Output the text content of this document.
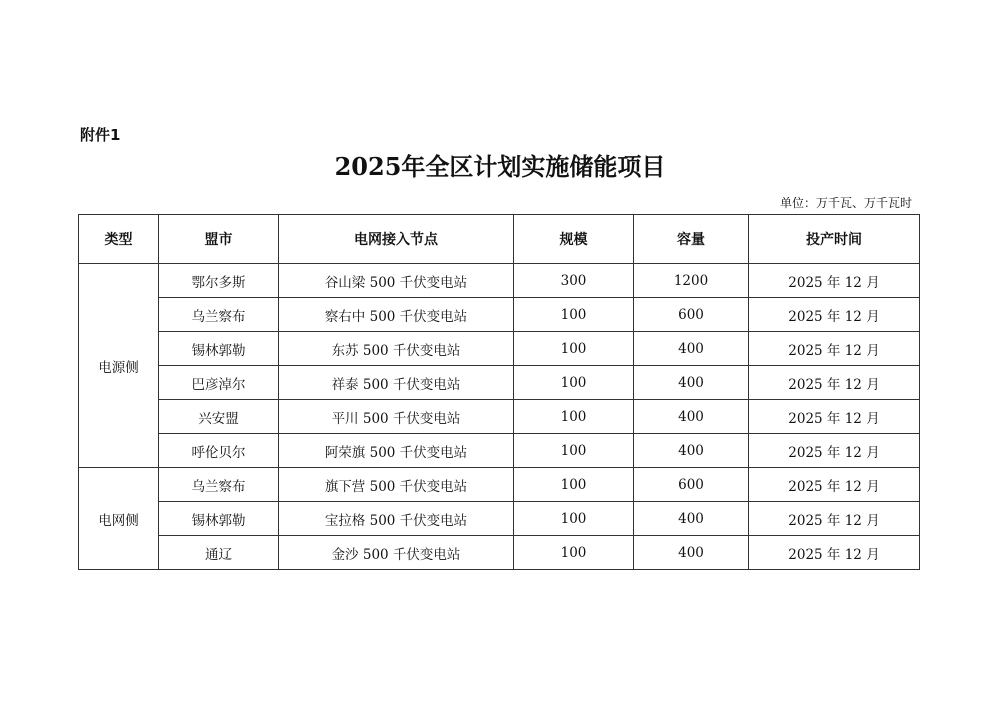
附件1
2025年全区计划实施储能项目
单位：万千瓦、万千瓦时
类型	盟市	电网接入节点	规模	容量	投产时间
电源侧	鄂尔多斯	谷山梁 500 千伏变电站	300	1200	2025 年 12 月
	乌兰察布	察右中 500 千伏变电站	100	600	2025 年 12 月
	锡林郭勒	东苏 500 千伏变电站	100	400	2025 年 12 月
	巴彦淖尔	祥泰 500 千伏变电站	100	400	2025 年 12 月
	兴安盟	平川 500 千伏变电站	100	400	2025 年 12 月
	呼伦贝尔	阿荣旗 500 千伏变电站	100	400	2025 年 12 月
电网侧	乌兰察布	旗下营 500 千伏变电站	100	600	2025 年 12 月
	锡林郭勒	宝拉格 500 千伏变电站	100	400	2025 年 12 月
	通辽	金沙 500 千伏变电站	100	400	2025 年 12 月
